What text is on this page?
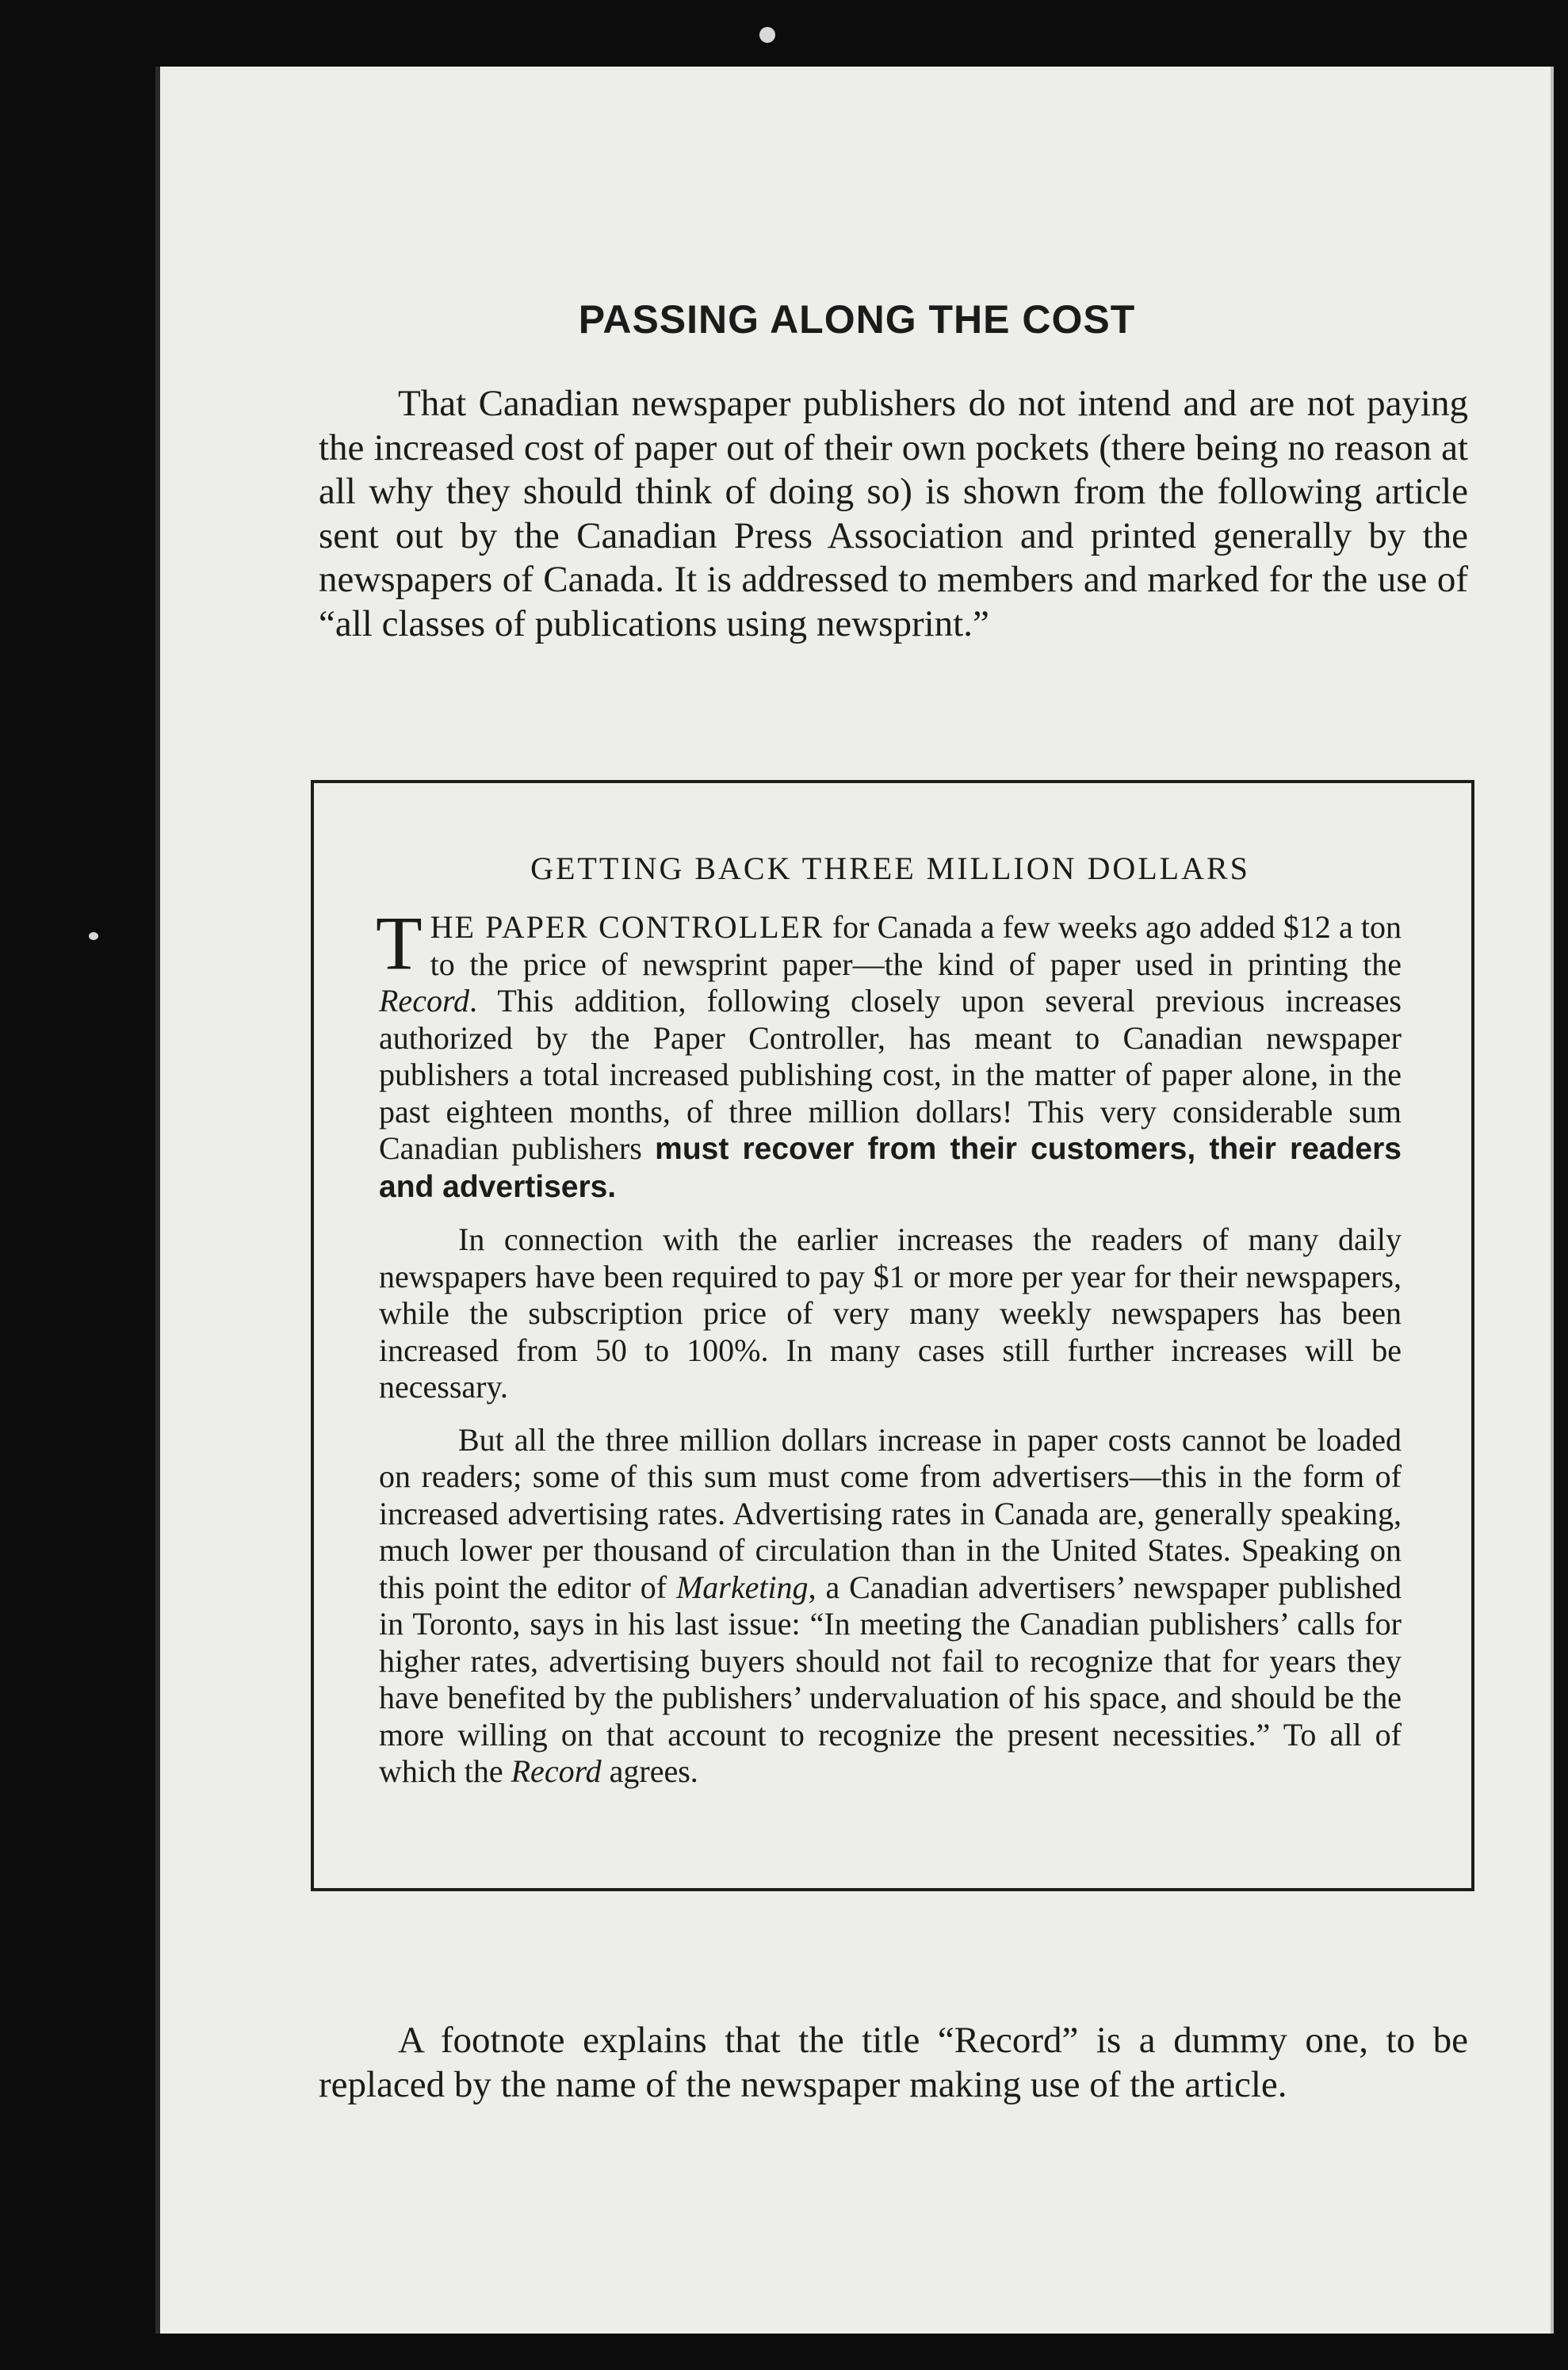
PASSING ALONG THE COST

That Canadian newspaper publishers do not intend and are not paying the increased cost of paper out of their own pockets (there being no reason at all why they should think of doing so) is shown from the following article sent out by the Canadian Press Association and printed generally by the newspapers of Canada. It is addressed to members and marked for the use of “all classes of publications using newsprint.”

GETTING BACK THREE MILLION DOLLARS

THE PAPER CONTROLLER for Canada a few weeks ago added $12 a ton to the price of newsprint paper—the kind of paper used in printing the Record. This addition, following closely upon several previous increases authorized by the Paper Controller, has meant to Canadian newspaper publishers a total increased publishing cost, in the matter of paper alone, in the past eighteen months, of three million dollars! This very considerable sum Canadian publishers must recover from their customers, their readers and advertisers.

In connection with the earlier increases the readers of many daily newspapers have been required to pay $1 or more per year for their newspapers, while the subscription price of very many weekly newspapers has been increased from 50 to 100%. In many cases still further increases will be necessary.

But all the three million dollars increase in paper costs cannot be loaded on readers; some of this sum must come from advertisers—this in the form of increased advertising rates. Advertising rates in Canada are, generally speaking, much lower per thousand of circulation than in the United States. Speaking on this point the editor of Marketing, a Canadian advertisers’ newspaper published in Toronto, says in his last issue: “In meeting the Canadian publishers’ calls for higher rates, advertising buyers should not fail to recognize that for years they have benefited by the publishers’ undervaluation of his space, and should be the more willing on that account to recognize the present necessities.” To all of which the Record agrees.

A footnote explains that the title “Record” is a dummy one, to be replaced by the name of the newspaper making use of the article.
